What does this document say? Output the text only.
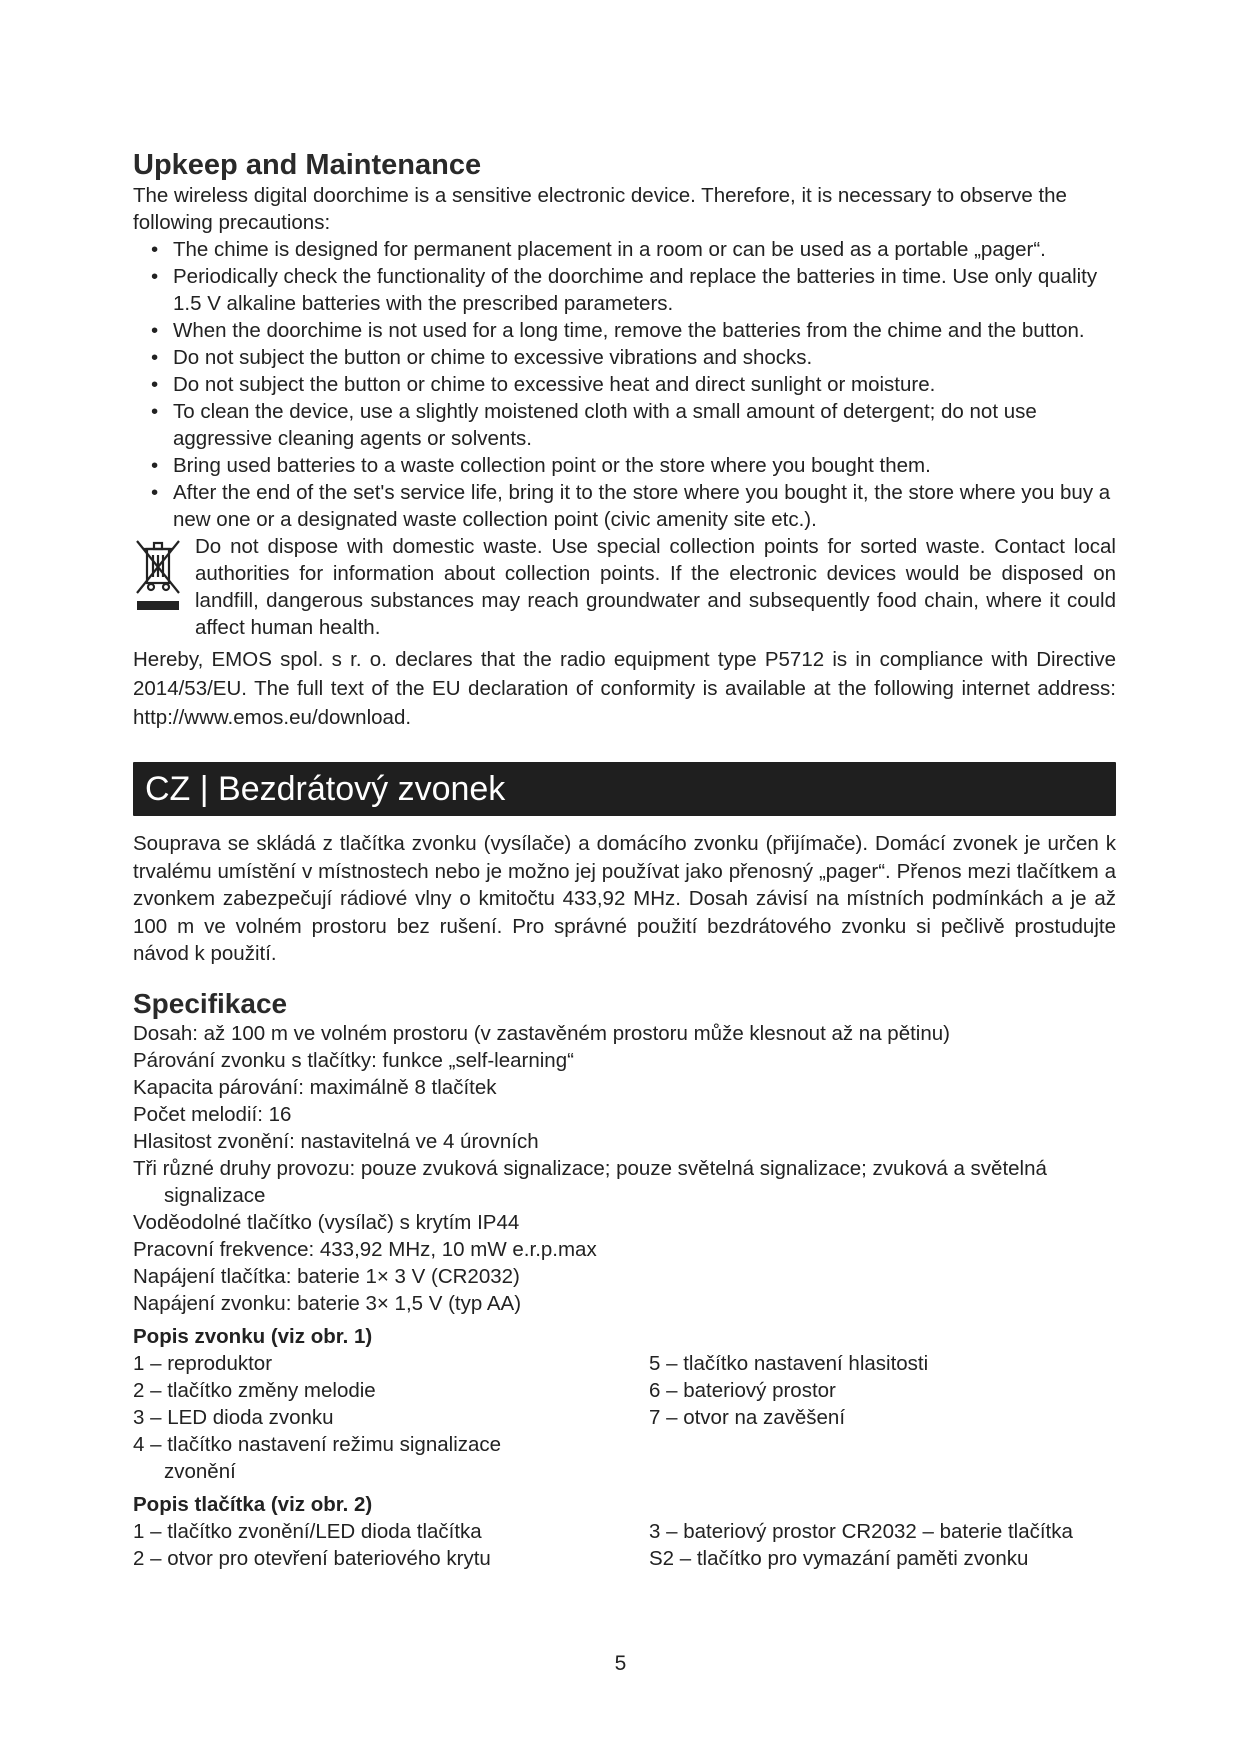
Upkeep and Maintenance

The wireless digital doorchime is a sensitive electronic device. Therefore, it is necessary to observe the following precautions:

• The chime is designed for permanent placement in a room or can be used as a portable „pager“.
• Periodically check the functionality of the doorchime and replace the batteries in time. Use only quality 1.5 V alkaline batteries with the prescribed parameters.
• When the doorchime is not used for a long time, remove the batteries from the chime and the button.
• Do not subject the button or chime to excessive vibrations and shocks.
• Do not subject the button or chime to excessive heat and direct sunlight or moisture.
• To clean the device, use a slightly moistened cloth with a small amount of detergent; do not use aggressive cleaning agents or solvents.
• Bring used batteries to a waste collection point or the store where you bought them.
• After the end of the set's service life, bring it to the store where you bought it, the store where you buy a new one or a designated waste collection point (civic amenity site etc.).
Do not dispose with domestic waste. Use special collection points for sorted waste. Contact local authorities for information about collection points. If the electronic devices would be disposed on landfill, dangerous substances may reach groundwater and subsequently food chain, where it could affect human health.

Hereby, EMOS spol. s r. o. declares that the radio equipment type P5712 is in compliance with Directive 2014/53/EU. The full text of the EU declaration of conformity is available at the following internet address: http://www.emos.eu/download.

CZ | Bezdrátový zvonek

Souprava se skládá z tlačítka zvonku (vysílače) a domácího zvonku (přijímače). Domácí zvonek je určen k trvalému umístění v místnostech nebo je možno jej používat jako přenosný „pager“. Přenos mezi tlačítkem a zvonkem zabezpečují rádiové vlny o kmitočtu 433,92 MHz. Dosah závisí na místních podmínkách a je až 100 m ve volném prostoru bez rušení. Pro správné použití bezdrátového zvonku si pečlivě prostudujte návod k použití.

Specifikace

Dosah: až 100 m ve volném prostoru (v zastavěném prostoru může klesnout až na pětinu)

Párování zvonku s tlačítky: funkce „self-learning“

Kapacita párování: maximálně 8 tlačítek

Počet melodií: 16

Hlasitost zvonění: nastavitelná ve 4 úrovních

Tři různé druhy provozu: pouze zvuková signalizace; pouze světelná signalizace; zvuková a světelná
signalizace

Voděodolné tlačítko (vysílač) s krytím IP44

Pracovní frekvence: 433,92 MHz, 10 mW e.r.p.max

Napájení tlačítka: baterie 1× 3 V (CR2032)

Napájení zvonku: baterie 3× 1,5 V (typ AA)

Popis zvonku (viz obr. 1)
1 – reproduktor
2 – tlačítko změny melodie
3 – LED dioda zvonku
4 – tlačítko nastavení režimu signalizace
zvonění
5 – tlačítko nastavení hlasitosti
6 – bateriový prostor
7 – otvor na zavěšení
Popis tlačítka (viz obr. 2)
1 – tlačítko zvonění/LED dioda tlačítka
2 – otvor pro otevření bateriového krytu
3 – bateriový prostor CR2032 – baterie tlačítka
S2 – tlačítko pro vymazání paměti zvonku
5
